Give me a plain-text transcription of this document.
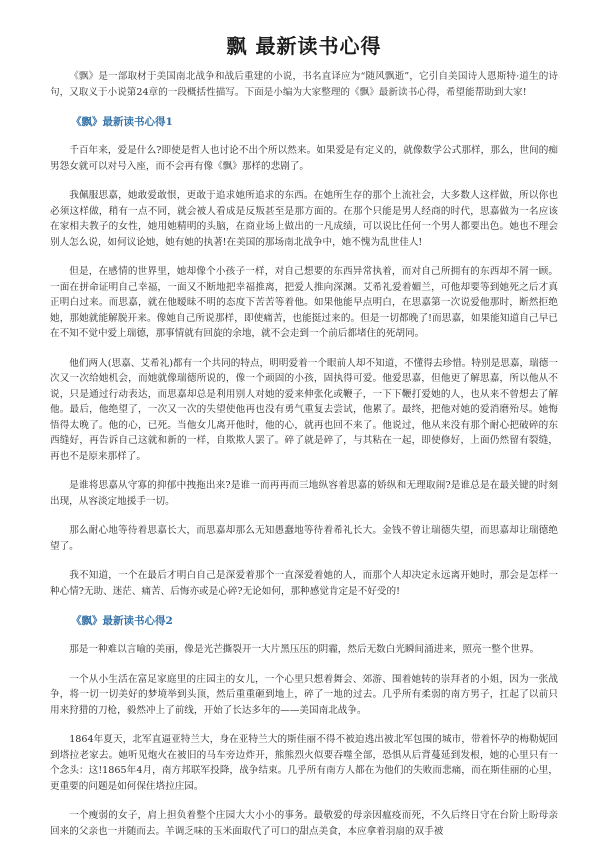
飘 最新读书心得

《飘》是一部取材于美国南北战争和战后重建的小说，书名直译应为“随风飘逝”，它引自美国诗人恩斯特·道生的诗句，又取义于小说第24章的一段概括性描写。下面是小编为大家整理的《飘》最新读书心得，希望能帮助到大家!

《飘》最新读书心得1

千百年来，爱是什么?即使是哲人也讨论不出个所以然来。如果爱是有定义的，就像数学公式那样，那么，世间的痴男怨女就可以对号入座，而不会再有像《飘》那样的悲剧了。

我佩服思嘉，她敢爱敢恨，更敢于追求她所追求的东西。在她所生存的那个上流社会，大多数人这样做，所以你也必须这样做，稍有一点不同，就会被人看成是反叛甚至是那方面的。在那个只能是男人经商的时代，思嘉做为一名应该在家相夫教子的女性，她用她精明的头脑，在商业场上做出的一凡成绩，可以说比任何一个男人都要出色。她也不理会别人怎么说，如何议论她，她有她的执著!在美国的那场南北战争中，她不愧为乱世佳人!

但是，在感情的世界里，她却像个小孩子一样，对自己想要的东西异常执着，而对自己所拥有的东西却不屑一顾。一面在拼命证明自己幸福，一面又不断地把幸福推离，把爱人推向深渊。艾希礼爱着媚兰，可他却要等到她死之后才真正明白过来。而思嘉，就在他暧昧不明的态度下苦苦等着他。如果他能早点明白，在思嘉第一次说爱他那时，断然拒绝她，那她就能解脱开来。像她自己所说那样，即使痛苦，也能挺过来的。但是一切都晚了!而思嘉，如果能知道自己早已在不知不觉中爱上瑞德，那事情就有回旋的余地，就不会走到一个前后都堵住的死胡同。

他们两人(思嘉、艾希礼)都有一个共同的特点，明明爱着一个眼前人却不知道，不懂得去珍惜。特别是思嘉，瑞德一次又一次给她机会，而她就像瑞德所说的，像一个顽固的小孩，固执得可爱。他爱思嘉，但他更了解思嘉，所以他从不说，只是通过行动表达，而思嘉却总是利用别人对她的爱来伸张化或鞭子，一下下鞭打爱她的人，也从来不曾想去了解他。最后，他绝望了，一次又一次的失望使他再也没有勇气重复去尝试，他累了。最终，把他对她的爱消磨殆尽。她悔悟得太晚了。他的心，已死。当他女儿离开他时，他的心，就再也回不来了。他说过，他从来没有那个耐心把破碎的东西缝好，再告诉自己这就和新的一样，自欺欺人罢了。碎了就是碎了，与其粘在一起，即使修好，上面仍然留有裂缝，再也不是原来那样了。

是谁将思嘉从守寡的抑郁中拽拖出来?是谁一而再再而三地纵容着思嘉的娇纵和无理取闹?是谁总是在最关键的时刻出现，从容淡定地援手一切。

那么耐心地等待着思嘉长大，而思嘉却那么无知愚蠢地等待着希礼长大。金钱不曾让瑞德失望，而思嘉却让瑞德绝望了。

我不知道，一个在最后才明白自己是深爱着那个一直深爱着她的人，而那个人却决定永远离开她时，那会是怎样一种心情?无助、迷茫、痛苦、后悔亦或是心碎?无论如何，那种感觉肯定是不好受的!

《飘》最新读书心得2

那是一种难以言喻的美丽，像是光芒撕裂开一大片黑压压的阴霾，然后无数白光瞬间涌进来，照亮一整个世界。

一个从小生活在富足家庭里的庄园主的女儿，一个心里只想着舞会、郊游、围着她转的崇拜者的小姐，因为一张战争，将一切一切美好的梦境举到头顶，然后重重砸到地上，碎了一地的过去。几乎所有柔弱的南方男子，扛起了以前只用来狩猎的刀枪，毅然冲上了前线，开始了长达多年的——美国南北战争。

1864年夏天，北军直逼亚特兰大，身在亚特兰大的斯佳丽不得不被迫逃出被北军包围的城市，带着怀孕的梅勒妮回到塔拉老家去。她听见炮火在被旧的马车旁边炸开，熊熊烈火似要吞噬全部，恐惧从后背蔓延到发根，她的心里只有一个念头：这!1865年4月，南方邦联军投降，战争结束。几乎所有南方人都在为他们的失败而悲痛，而在斯佳丽的心里，更重要的问题是如何保住塔拉庄园。

一个瘦弱的女子，肩上担负着整个庄园大大小小的事务。最敬爱的母亲因瘟疫而死，不久后终日守在台阶上盼母亲回来的父亲也一并随而去。羊调乏味的玉米面取代了可口的甜点美食，本应拿着羽扇的双手被
